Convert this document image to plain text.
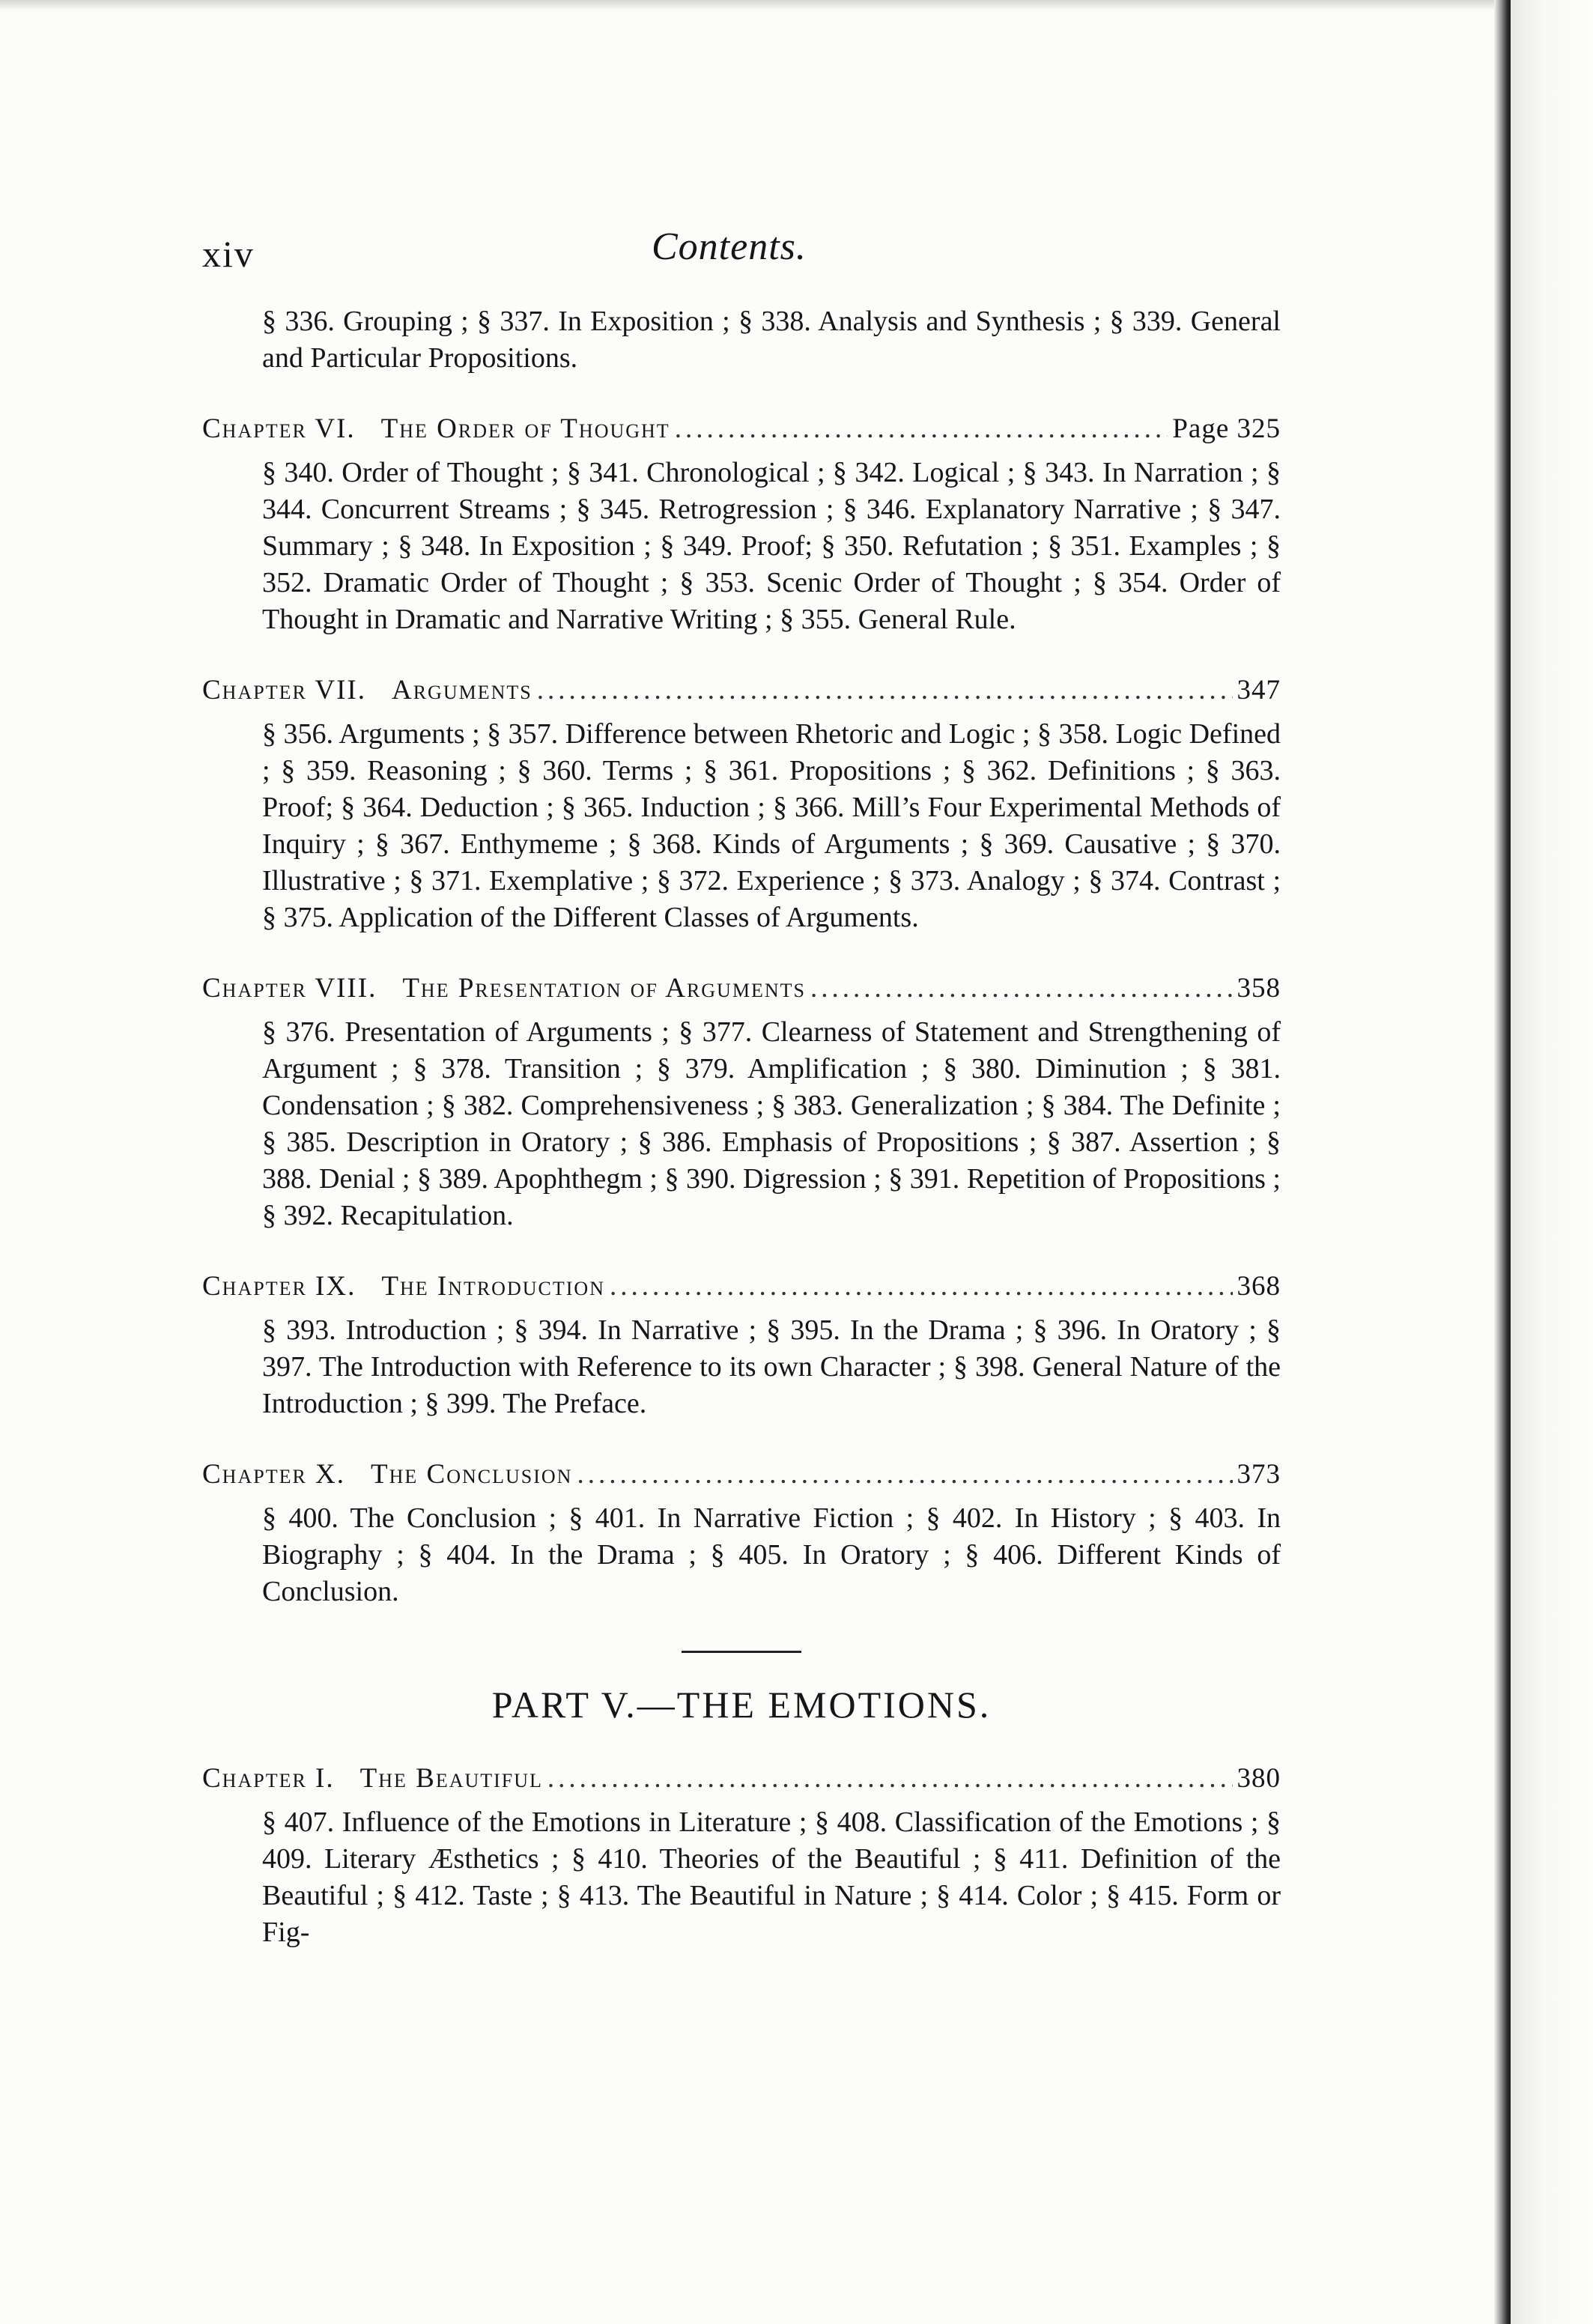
xiv	Contents.

§ 336. Grouping ; § 337. In Exposition ; § 338. Analysis and Synthesis ; § 339. General and Particular Propositions.

Chapter VI. The Order of Thought .....	Page 325

§ 340. Order of Thought ; § 341. Chronological ; § 342. Logical ; § 343. In Narration ; § 344. Concurrent Streams ; § 345. Retrogression ; § 346. Explanatory Narrative ; § 347. Summary ; § 348. In Exposition ; § 349. Proof; § 350. Refutation ; § 351. Examples ; § 352. Dramatic Order of Thought ; § 353. Scenic Order of Thought ; § 354. Order of Thought in Dramatic and Narrative Writing ; § 355. General Rule.

Chapter VII. Arguments .....	347

§ 356. Arguments ; § 357. Difference between Rhetoric and Logic ; § 358. Logic Defined ; § 359. Reasoning ; § 360. Terms ; § 361. Propositions ; § 362. Definitions ; § 363. Proof; § 364. Deduction ; § 365. Induction ; § 366. Mill’s Four Experimental Methods of Inquiry ; § 367. Enthymeme ; § 368. Kinds of Arguments ; § 369. Causative ; § 370. Illustrative ; § 371. Exemplative ; § 372. Experience ; § 373. Analogy ; § 374. Contrast ; § 375. Application of the Different Classes of Arguments.

Chapter VIII. The Presentation of Arguments .....	358

§ 376. Presentation of Arguments ; § 377. Clearness of Statement and Strengthening of Argument ; § 378. Transition ; § 379. Amplification ; § 380. Diminution ; § 381. Condensation ; § 382. Comprehensiveness ; § 383. Generalization ; § 384. The Definite ; § 385. Description in Oratory ; § 386. Emphasis of Propositions ; § 387. Assertion ; § 388. Denial ; § 389. Apophthegm ; § 390. Digression ; § 391. Repetition of Propositions ; § 392. Recapitulation.

Chapter IX. The Introduction .....	368

§ 393. Introduction ; § 394. In Narrative ; § 395. In the Drama ; § 396. In Oratory ; § 397. The Introduction with Reference to its own Character ; § 398. General Nature of the Introduction ; § 399. The Preface.

Chapter X. The Conclusion .....	373

§ 400. The Conclusion ; § 401. In Narrative Fiction ; § 402. In History ; § 403. In Biography ; § 404. In the Drama ; § 405. In Oratory ; § 406. Different Kinds of Conclusion.

PART V.—THE EMOTIONS.
Chapter I. The Beautiful .....	380

§ 407. Influence of the Emotions in Literature ; § 408. Classification of the Emotions ; § 409. Literary Æsthetics ; § 410. Theories of the Beautiful ; § 411. Definition of the Beautiful ; § 412. Taste ; § 413. The Beautiful in Nature ; § 414. Color ; § 415. Form or Fig-
